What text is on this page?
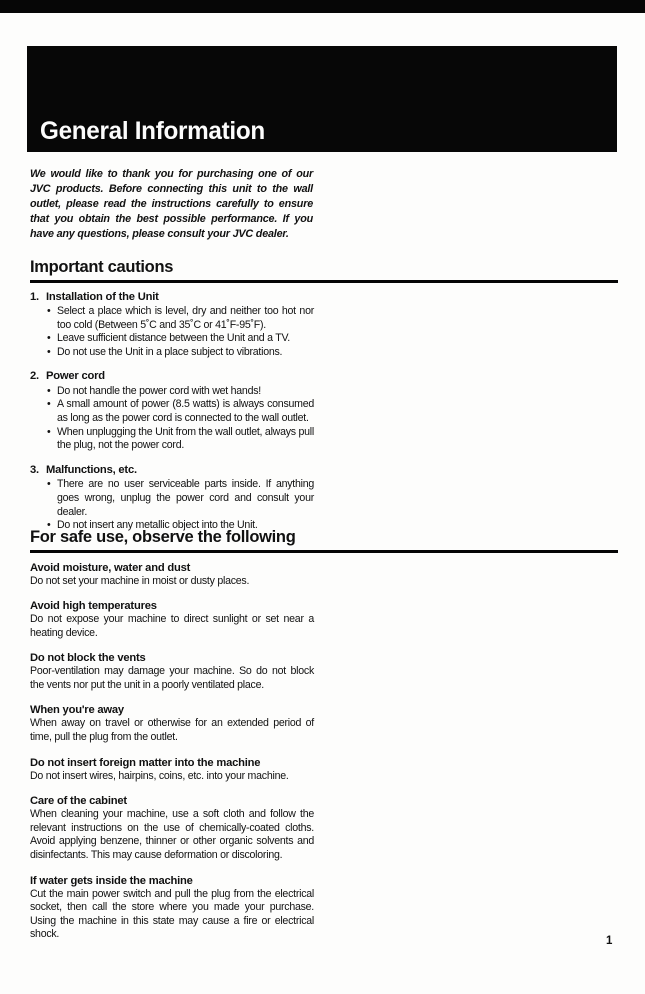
General Information

We would like to thank you for purchasing one of our JVC products. Before connecting this unit to the wall outlet, please read the instructions carefully to ensure that you obtain the best possible performance. If you have any questions, please consult your JVC dealer.

Important cautions
1. Installation of the Unit
• Select a place which is level, dry and neither too hot nor too cold (Between 5˚C and 35˚C or 41˚F-95˚F).
• Leave sufficient distance between the Unit and a TV.
• Do not use the Unit in a place subject to vibrations.
2. Power cord
• Do not handle the power cord with wet hands!
• A small amount of power (8.5 watts) is always consumed as long as the power cord is connected to the wall outlet.
• When unplugging the Unit from the wall outlet, always pull the plug, not the power cord.
3. Malfunctions, etc.
• There are no user serviceable parts inside. If anything goes wrong, unplug the power cord and consult your dealer.
• Do not insert any metallic object into the Unit.
For safe use, observe the following
Avoid moisture, water and dust

Do not set your machine in moist or dusty places.

Avoid high temperatures

Do not expose your machine to direct sunlight or set near a heating device.

Do not block the vents

Poor-ventilation may damage your machine. So do not block the vents nor put the unit in a poorly ventilated place.

When you're away

When away on travel or otherwise for an extended period of time, pull the plug from the outlet.

Do not insert foreign matter into the machine

Do not insert wires, hairpins, coins, etc. into your machine.

Care of the cabinet

When cleaning your machine, use a soft cloth and follow the relevant instructions on the use of chemically-coated cloths. Avoid applying benzene, thinner or other organic solvents and disinfectants. This may cause deformation or discoloring.

If water gets inside the machine

Cut the main power switch and pull the plug from the electrical socket, then call the store where you made your purchase. Using the machine in this state may cause a fire or electrical shock.

1
